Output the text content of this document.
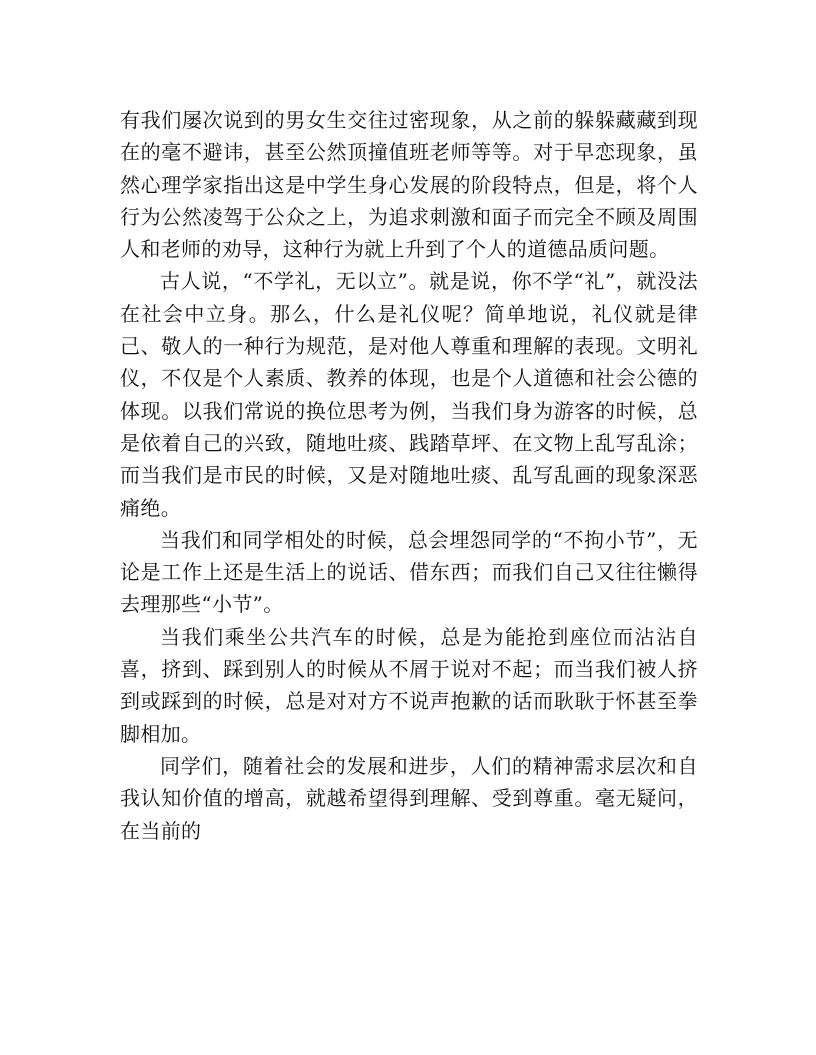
有我们屡次说到的男女生交往过密现象，从之前的躲躲藏藏到现在的毫不避讳，甚至公然顶撞值班老师等等。对于早恋现象，虽然心理学家指出这是中学生身心发展的阶段特点，但是，将个人行为公然凌驾于公众之上，为追求刺激和面子而完全不顾及周围人和老师的劝导，这种行为就上升到了个人的道德品质问题。

古人说，“不学礼，无以立”。就是说，你不学“礼”，就没法在社会中立身。那么，什么是礼仪呢？简单地说，礼仪就是律己、敬人的一种行为规范，是对他人尊重和理解的表现。文明礼仪，不仅是个人素质、教养的体现，也是个人道德和社会公德的体现。以我们常说的换位思考为例，当我们身为游客的时候，总是依着自己的兴致，随地吐痰、践踏草坪、在文物上乱写乱涂；而当我们是市民的时候，又是对随地吐痰、乱写乱画的现象深恶痛绝。

当我们和同学相处的时候，总会埋怨同学的“不拘小节”，无论是工作上还是生活上的说话、借东西；而我们自己又往往懒得去理那些“小节”。

当我们乘坐公共汽车的时候，总是为能抢到座位而沾沾自喜，挤到、踩到别人的时候从不屑于说对不起；而当我们被人挤到或踩到的时候，总是对对方不说声抱歉的话而耿耿于怀甚至拳脚相加。

同学们，随着社会的发展和进步，人们的精神需求层次和自我认知价值的增高，就越希望得到理解、受到尊重。毫无疑问，在当前的
